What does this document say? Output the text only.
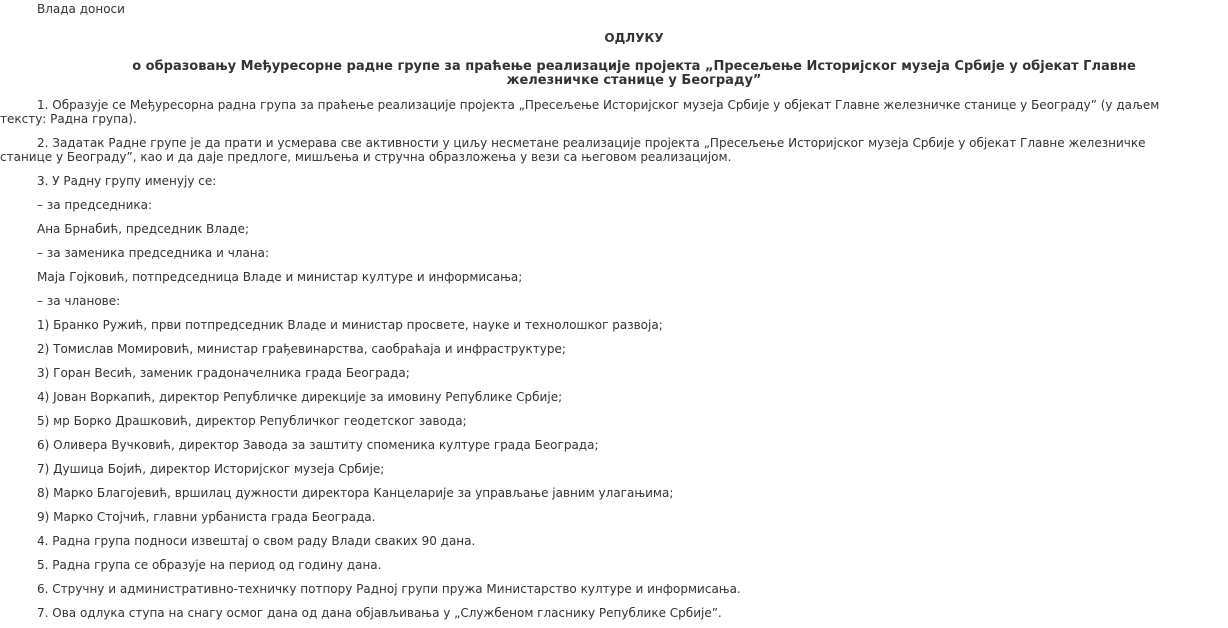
Влада доноси
ОДЛУКУ
о образовању Међуресорне радне групе за праћење реализације пројекта „Пресељење Историјског музеја Србије у објекат Главне железничке станице у Београду”
1. Образује се Међуресорна радна група за праћење реализације пројекта „Пресељење Историјског музеја Србије у објекат Главне железничке станице у Београду” (у даљем тексту: Радна група).
2. Задатак Радне групе је да прати и усмерава све активности у циљу несметане реализације пројекта „Пресељење Историјског музеја Србије у објекат Главне железничке станице у Београду”, као и да даје предлоге, мишљења и стручна образложења у вези са његовом реализацијом.
3. У Радну групу именују се:
– за председника:
Ана Брнабић, председник Владе;
– за заменика председника и члана:
Маја Гојковић, потпредседница Владе и министар културе и информисања;
– за чланове:
1) Бранко Ружић, први потпредседник Владе и министар просвете, науке и технолошког развоја;
2) Томислав Момировић, министар грађевинарства, саобраћаја и инфраструктуре;
3) Горан Весић, заменик градоначелника града Београда;
4) Јован Воркапић, директор Републичке дирекције за имовину Републике Србије;
5) мр Борко Драшковић, директор Републичког геодетског завода;
6) Оливера Вучковић, директор Завода за заштиту споменика културе града Београда;
7) Душица Бојић, директор Историјског музеја Србије;
8) Марко Благојевић, вршилац дужности директора Канцеларије за управљање јавним улагањима;
9) Марко Стојчић, главни урбаниста града Београда.
4. Радна група подноси извештај о свом раду Влади сваких 90 дана.
5. Радна група се образује на период од годину дана.
6. Стручну и административно-техничку потпору Радној групи пружа Министарство културе и информисања.
7. Ова одлука ступа на снагу осмог дана од дана објављивања у „Службеном гласнику Републике Србије”.
